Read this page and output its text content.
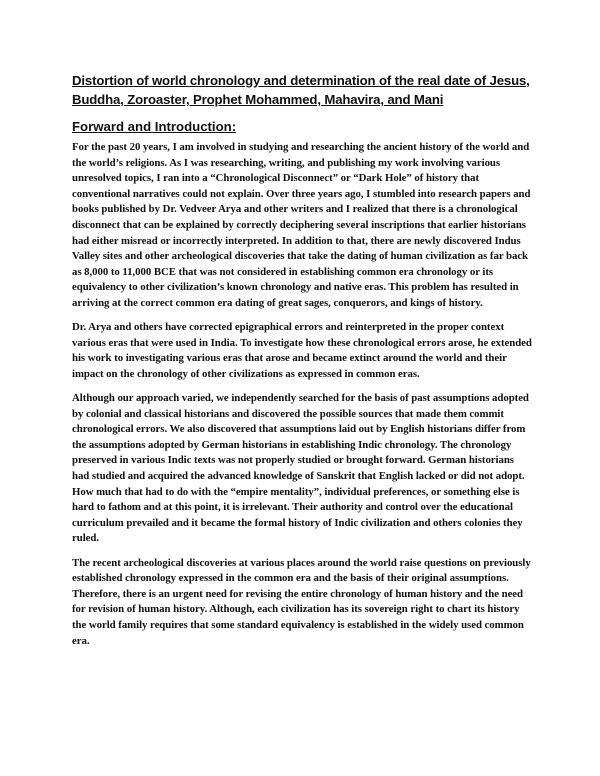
Distortion of world chronology and determination of the real date of Jesus, Buddha, Zoroaster, Prophet Mohammed, Mahavira, and Mani
Forward and Introduction:

For the past 20 years, I am involved in studying and researching the ancient history of the world and the world’s religions. As I was researching, writing, and publishing my work involving various unresolved topics, I ran into a “Chronological Disconnect” or “Dark Hole” of history that conventional narratives could not explain. Over three years ago, I stumbled into research papers and books published by Dr. Vedveer Arya and other writers and I realized that there is a chronological disconnect that can be explained by correctly deciphering several inscriptions that earlier historians had either misread or incorrectly interpreted. In addition to that, there are newly discovered Indus Valley sites and other archeological discoveries that take the dating of human civilization as far back as 8,000 to 11,000 BCE that was not considered in establishing common era chronology or its equivalency to other civilization’s known chronology and native eras. This problem has resulted in arriving at the correct common era dating of great sages, conquerors, and kings of history.

Dr. Arya and others have corrected epigraphical errors and reinterpreted in the proper context various eras that were used in India. To investigate how these chronological errors arose, he extended his work to investigating various eras that arose and became extinct around the world and their impact on the chronology of other civilizations as expressed in common eras.

Although our approach varied, we independently searched for the basis of past assumptions adopted by colonial and classical historians and discovered the possible sources that made them commit chronological errors. We also discovered that assumptions laid out by English historians differ from the assumptions adopted by German historians in establishing Indic chronology. The chronology preserved in various Indic texts was not properly studied or brought forward. German historians had studied and acquired the advanced knowledge of Sanskrit that English lacked or did not adopt. How much that had to do with the “empire mentality”, individual preferences, or something else is hard to fathom and at this point, it is irrelevant. Their authority and control over the educational curriculum prevailed and it became the formal history of Indic civilization and others colonies they ruled.

The recent archeological discoveries at various places around the world raise questions on previously established chronology expressed in the common era and the basis of their original assumptions. Therefore, there is an urgent need for revising the entire chronology of human history and the need for revision of human history. Although, each civilization has its sovereign right to chart its history the world family requires that some standard equivalency is established in the widely used common era.
